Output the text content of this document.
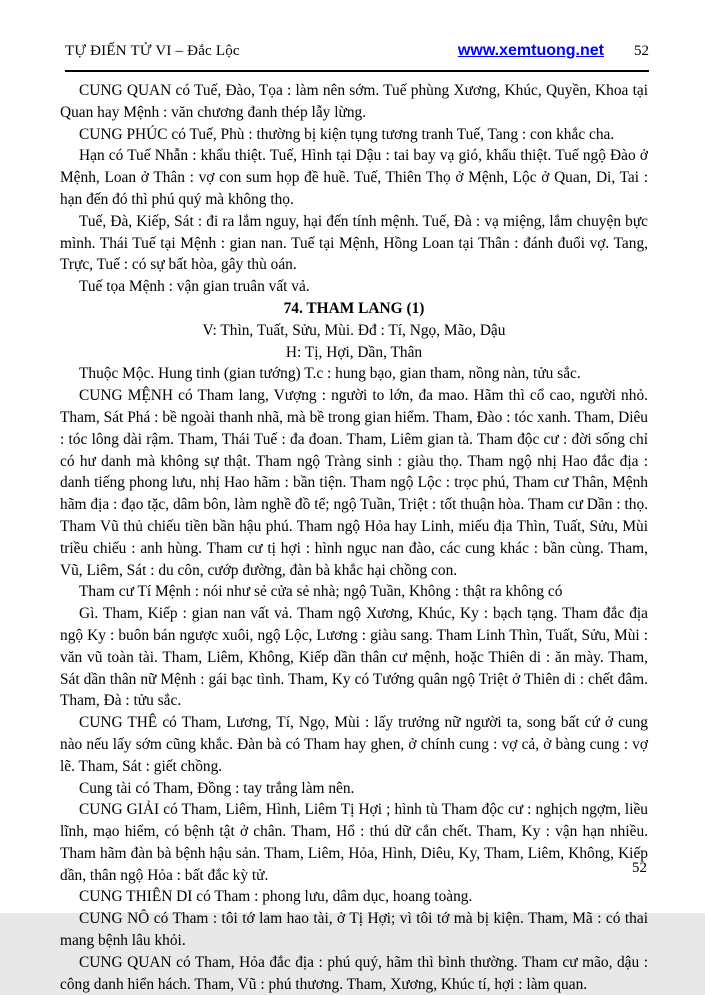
TỰ ĐIỂN TỬ VI – Đắc Lộc	www.xemtuong.net 52

CUNG QUAN có Tuế, Đào, Tọa : làm nên sớm. Tuế phùng Xương, Khúc, Quyền, Khoa tại Quan hay Mệnh : văn chương đanh thép lẫy lừng.

CUNG PHÚC có Tuế, Phù : thường bị kiện tụng tương tranh Tuế, Tang : con khắc cha.

Hạn có Tuế Nhẫn : khẩu thiệt. Tuế, Hình tại Dậu : tai bay vạ gió, khẩu thiệt. Tuế ngộ Đào ở Mệnh, Loan ở Thân : vợ con sum họp đề huề. Tuế, Thiên Thọ ở Mệnh, Lộc ở Quan, Di, Tai : hạn đến đó thì phú quý mà không thọ.

Tuế, Đà, Kiếp, Sát : đi ra lắm nguy, hại đến tính mệnh. Tuế, Đà : vạ miệng, lắm chuyện bực mình. Thái Tuế tại Mệnh : gian nan. Tuế tại Mệnh, Hồng Loan tại Thân : đánh đuổi vợ. Tang, Trực, Tuế : có sự bất hòa, gây thù oán.

Tuế tọa Mệnh : vận gian truân vất vả.

74. THAM LANG (1)

V: Thìn, Tuất, Sửu, Mùi. Đđ : Tí, Ngọ, Mão, Dậu

H: Tị, Hợi, Dần, Thân

Thuộc Mộc. Hung tinh (gian tướng) T.c : hung bạo, gian tham, nồng nàn, tửu sắc.

CUNG MỆNH có Tham lang, Vượng : người to lớn, đa mao. Hãm thì cổ cao, người nhỏ. Tham, Sát Phá : bề ngoài thanh nhã, mà bề trong gian hiểm. Tham, Đào : tóc xanh. Tham, Diêu : tóc lông dài rậm. Tham, Thái Tuế : đa đoan. Tham, Liêm gian tà. Tham độc cư : đời sống chỉ có hư danh mà không sự thật. Tham ngộ Tràng sinh : giàu thọ. Tham ngộ nhị Hao đắc địa : danh tiếng phong lưu, nhị Hao hãm : bần tiện. Tham ngộ Lộc : trọc phú, Tham cư Thân, Mệnh hãm địa : đạo tặc, dâm bôn, làm nghề đồ tể; ngộ Tuần, Triệt : tốt thuận hòa. Tham cư Dần : thọ. Tham Vũ thủ chiếu tiền bần hậu phú. Tham ngộ Hỏa hay Linh, miếu địa Thìn, Tuất, Sửu, Mùi triều chiếu : anh hùng. Tham cư tị hợi : hình ngục nan đào, các cung khác : bần cùng. Tham, Vũ, Liêm, Sát : du côn, cướp đường, đàn bà khắc hại chồng con.

Tham cư Tí Mệnh : nói như sẻ cửa sẻ nhà; ngộ Tuần, Không : thật ra không có

Gì. Tham, Kiếp : gian nan vất vả. Tham ngộ Xương, Khúc, Ky : bạch tạng. Tham đắc địa ngộ Ky : buôn bán ngược xuôi, ngộ Lộc, Lương : giàu sang. Tham Linh Thìn, Tuất, Sửu, Mùi : văn vũ toàn tài. Tham, Liêm, Không, Kiếp dần thân cư mệnh, hoặc Thiên di : ăn mày. Tham, Sát dần thân nữ Mệnh : gái bạc tình. Tham, Ky có Tướng quân ngộ Triệt ở Thiên di : chết đâm. Tham, Đà : tửu sắc.

CUNG THÊ có Tham, Lương, Tí, Ngọ, Mùi : lấy trưởng nữ người ta, song bất cứ ở cung nào nếu lấy sớm cũng khắc. Đàn bà có Tham hay ghen, ở chính cung : vợ cả, ở bàng cung : vợ lẽ. Tham, Sát : giết chồng.

Cung tài có Tham, Đồng : tay trắng làm nên.

CUNG GIẢI có Tham, Liêm, Hình, Liêm Tị Hợi ; hình tù Tham độc cư : nghịch ngợm, liều lĩnh, mạo hiểm, có bệnh tật ở chân. Tham, Hổ : thú dữ cắn chết. Tham, Ky : vận hạn nhiều. Tham hãm đàn bà bệnh hậu sản. Tham, Liêm, Hỏa, Hình, Diêu, Ky, Tham, Liêm, Không, Kiếp dần, thân ngộ Hỏa : bất đắc kỳ tử.

CUNG THIÊN DI có Tham : phong lưu, dâm dục, hoang toàng.

CUNG NÔ có Tham : tôi tớ lam hao tài, ở Tị Hợi; vì tôi tớ mà bị kiện. Tham, Mã : có thai mang bệnh lâu khỏi.

CUNG QUAN có Tham, Hỏa đắc địa : phú quý, hãm thì bình thường. Tham cư mão, dậu : công danh hiển hách. Tham, Vũ : phú thương. Tham, Xương, Khúc tí, hợi : làm quan.

52
